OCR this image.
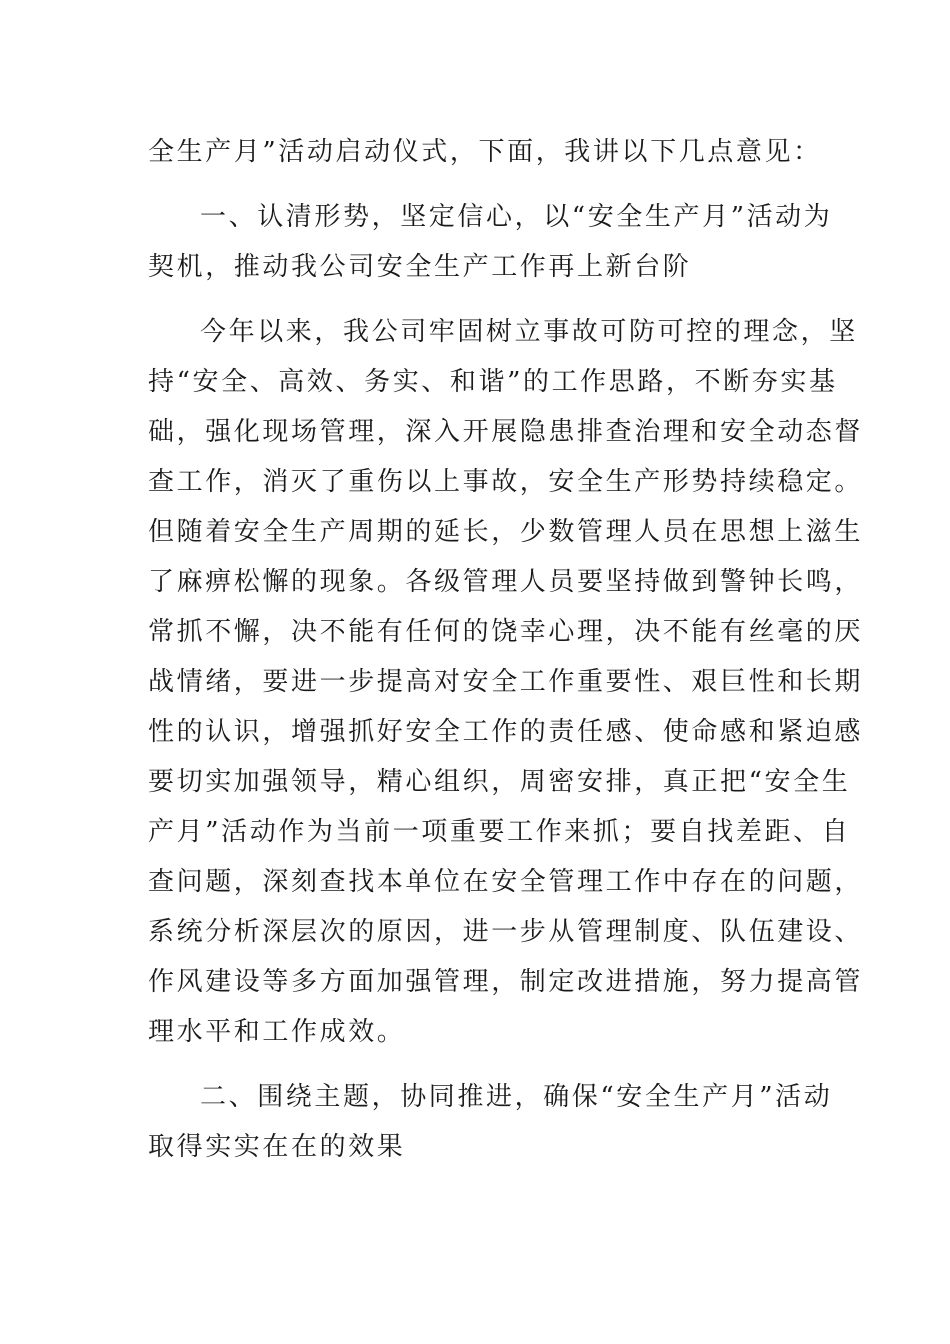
全生产月”活动启动仪式，下面，我讲以下几点意见：
一、认清形势，坚定信心，以“安全生产月”活动为
契机，推动我公司安全生产工作再上新台阶
今年以来，我公司牢固树立事故可防可控的理念，坚
持“安全、高效、务实、和谐”的工作思路，不断夯实基
础，强化现场管理，深入开展隐患排查治理和安全动态督
查工作，消灭了重伤以上事故，安全生产形势持续稳定。
但随着安全生产周期的延长，少数管理人员在思想上滋生
了麻痹松懈的现象。各级管理人员要坚持做到警钟长鸣，
常抓不懈，决不能有任何的饶幸心理，决不能有丝毫的厌
战情绪，要进一步提高对安全工作重要性、艰巨性和长期
性的认识，增强抓好安全工作的责任感、使命感和紧迫感
要切实加强领导，精心组织，周密安排，真正把“安全生
产月”活动作为当前一项重要工作来抓；要自找差距、自
查问题，深刻查找本单位在安全管理工作中存在的问题，
系统分析深层次的原因，进一步从管理制度、队伍建设、
作风建设等多方面加强管理，制定改进措施，努力提高管
理水平和工作成效。
二、围绕主题，协同推进，确保“安全生产月”活动
取得实实在在的效果
